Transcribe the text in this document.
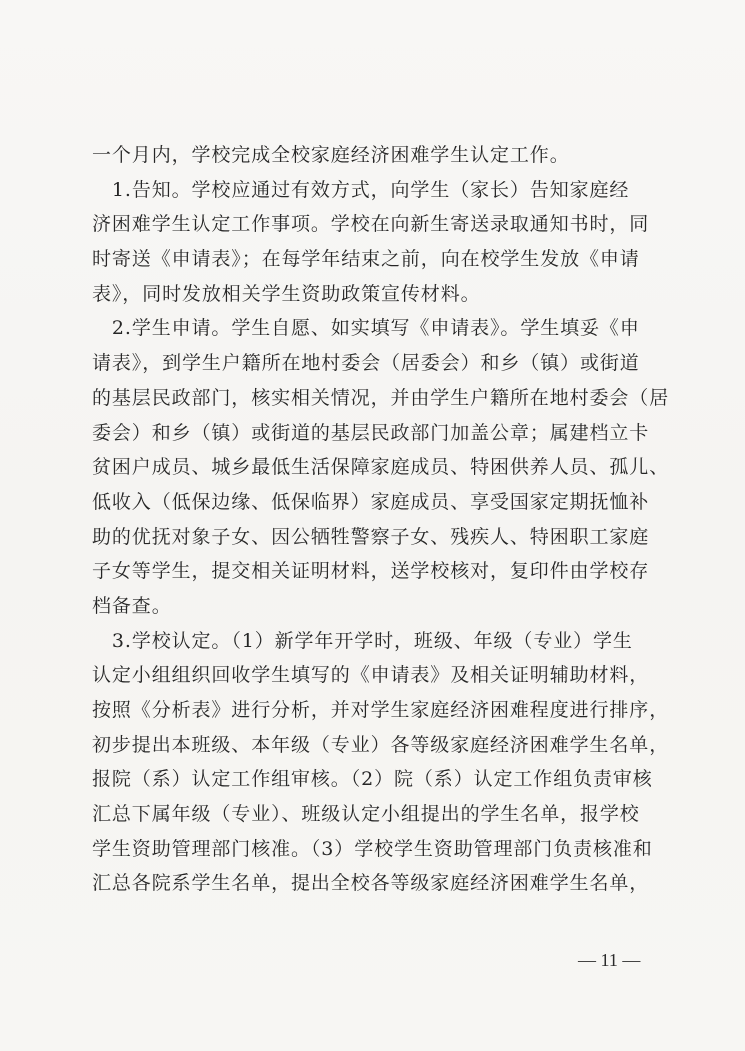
一个月内，学校完成全校家庭经济困难学生认定工作。
　1.告知。学校应通过有效方式，向学生（家长）告知家庭经
济困难学生认定工作事项。学校在向新生寄送录取通知书时，同
时寄送《申请表》；在每学年结束之前，向在校学生发放《申请
表》，同时发放相关学生资助政策宣传材料。
　2.学生申请。学生自愿、如实填写《申请表》。学生填妥《申
请表》，到学生户籍所在地村委会（居委会）和乡（镇）或街道
的基层民政部门，核实相关情况，并由学生户籍所在地村委会（居
委会）和乡（镇）或街道的基层民政部门加盖公章；属建档立卡
贫困户成员、城乡最低生活保障家庭成员、特困供养人员、孤儿、
低收入（低保边缘、低保临界）家庭成员、享受国家定期抚恤补
助的优抚对象子女、因公牺牲警察子女、残疾人、特困职工家庭
子女等学生，提交相关证明材料，送学校核对，复印件由学校存
档备查。
　3.学校认定。（1）新学年开学时，班级、年级（专业）学生
认定小组组织回收学生填写的《申请表》及相关证明辅助材料，
按照《分析表》进行分析，并对学生家庭经济困难程度进行排序，
初步提出本班级、本年级（专业）各等级家庭经济困难学生名单，
报院（系）认定工作组审核。（2）院（系）认定工作组负责审核
汇总下属年级（专业）、班级认定小组提出的学生名单，报学校
学生资助管理部门核准。（3）学校学生资助管理部门负责核准和
汇总各院系学生名单，提出全校各等级家庭经济困难学生名单，
— 11 —
